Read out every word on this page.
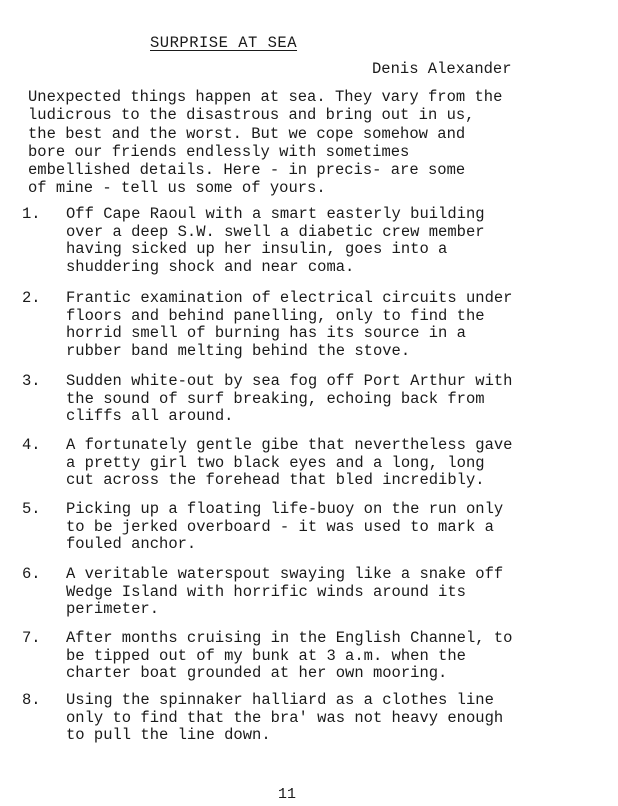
SURPRISE AT SEA
Denis Alexander
Unexpected things happen at sea. They vary from the
ludicrous to the disastrous and bring out in us,
the best and the worst. But we cope somehow and
bore our friends endlessly with sometimes
embellished details. Here - in precis- are some
of mine - tell us some of yours.
1.	Off Cape Raoul with a smart easterly building
over a deep S.W. swell a diabetic crew member
having sicked up her insulin, goes into a
shuddering shock and near coma.
2.	Frantic examination of electrical circuits under
floors and behind panelling, only to find the
horrid smell of burning has its source in a
rubber band melting behind the stove.
3.	Sudden white-out by sea fog off Port Arthur with
the sound of surf breaking, echoing back from
cliffs all around.
4.	A fortunately gentle gibe that nevertheless gave
a pretty girl two black eyes and a long, long
cut across the forehead that bled incredibly.
5.	Picking up a floating life-buoy on the run only
to be jerked overboard - it was used to mark a
fouled anchor.
6.	A veritable waterspout swaying like a snake off
Wedge Island with horrific winds around its
perimeter.
7.	After months cruising in the English Channel, to
be tipped out of my bunk at 3 a.m. when the
charter boat grounded at her own mooring.
8.	Using the spinnaker halliard as a clothes line
only to find that the bra' was not heavy enough
to pull the line down.
11
